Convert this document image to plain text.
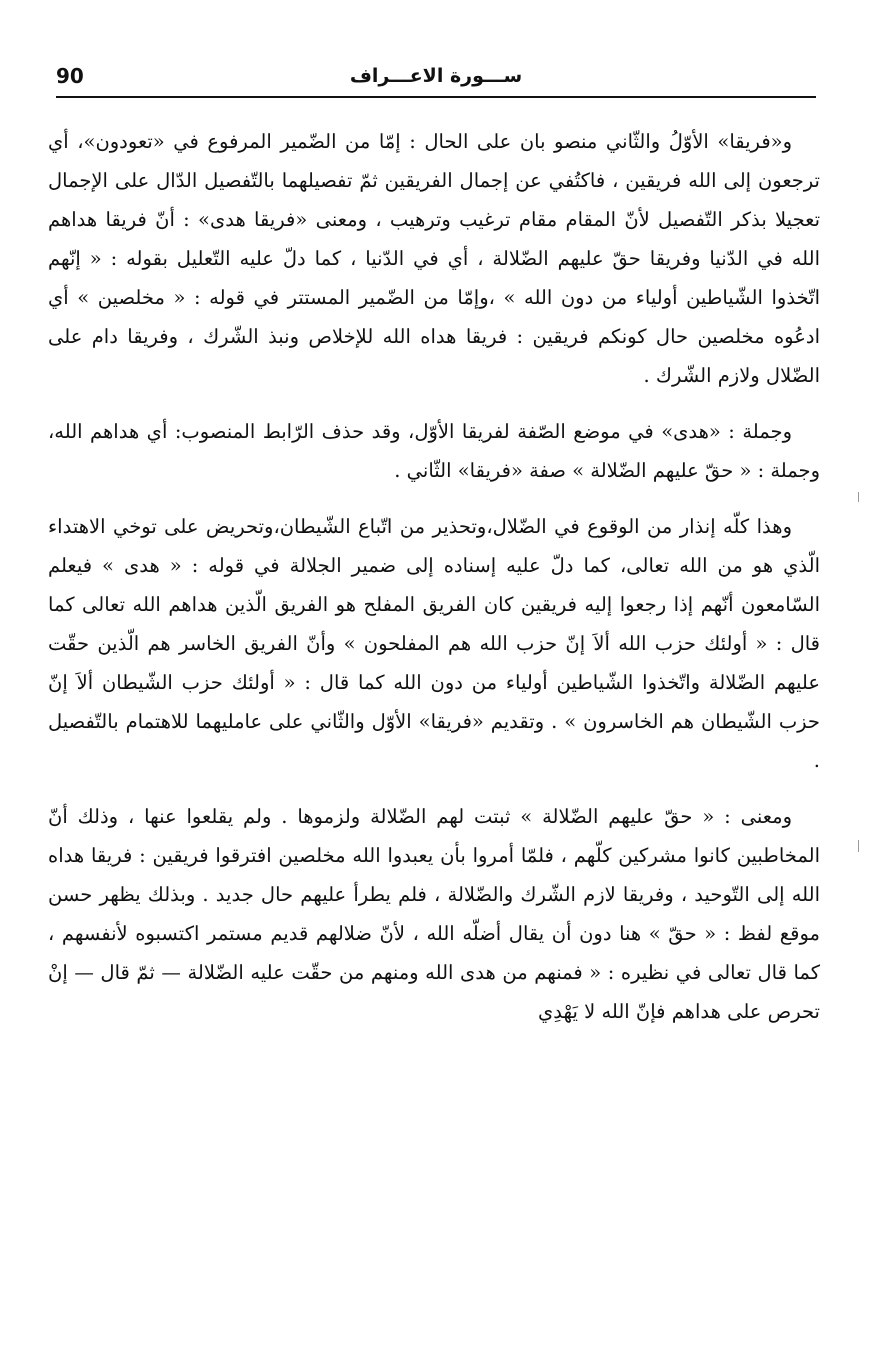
90	ســـورة الاعـــراف

و«فريقا» الأوّلُ والثّاني منصو بان على الحال : إمّا من الضّمير المرفوع في «تعودون»، أي ترجعون إلى الله فريقين ، فاكتُفي عن إجمال الفريقين ثمّ تفصيلهما بالتّفصيل الدّال على الإجمال تعجيلا بذكر التّفصيل لأنّ المقام مقام ترغيب وترهيب ، ومعنى «فريقا هدى» : أنّ فريقا هداهم الله في الدّنيا وفريقا حقّ عليهم الضّلالة ، أي في الدّنيا ، كما دلّ عليه التّعليل بقوله : « إنّهم اتّخذوا الشّياطين أولياء من دون الله » ،وإمّا من الضّمير المستتر في قوله : « مخلصين » أي ادعُوه مخلصين حال كونكم فريقين : فريقا هداه الله للإخلاص ونبذ الشّرك ، وفريقا دام على الضّلال ولازم الشّرك .

وجملة : «هدى» في موضع الصّفة لفريقا الأوّل، وقد حذف الرّابط المنصوب: أي هداهم الله، وجملة : « حقّ عليهم الضّلالة » صفة «فريقا» الثّاني .

وهذا كلّه إنذار من الوقوع في الضّلال،وتحذير من اتّباع الشّيطان،وتحريض على توخي الاهتداء الّذي هو من الله تعالى، كما دلّ عليه إسناده إلى ضمير الجلالة في قوله : « هدى » فيعلم السّامعون أنّهم إذا رجعوا إليه فريقين كان الفريق المفلح هو الفريق الّذين هداهم الله تعالى كما قال : « أولئك حزب الله ألاَ إنّ حزب الله هم المفلحون » وأنّ الفريق الخاسر هم الّذين حقّت عليهم الضّلالة واتّخذوا الشّياطين أولياء من دون الله كما قال : « أولئك حزب الشّيطان ألاَ إنّ حزب الشّيطان هم الخاسرون » . وتقديم «فريقا» الأوّل والثّاني على عامليهما للاهتمام بالتّفصيل .

ومعنى : « حقّ عليهم الضّلالة » ثبتت لهم الضّلالة ولزموها . ولم يقلعوا عنها ، وذلك أنّ المخاطبين كانوا مشركين كلّهم ، فلمّا أمروا بأن يعبدوا الله مخلصين افترقوا فريقين : فريقا هداه الله إلى التّوحيد ، وفريقا لازم الشّرك والضّلالة ، فلم يطرأ عليهم حال جديد . وبذلك يظهر حسن موقع لفظ : « حقّ » هنا دون أن يقال أضلّه الله ، لأنّ ضلالهم قديم مستمر اكتسبوه لأنفسهم ، كما قال تعالى في نظيره : « فمنهم من هدى الله ومنهم من حقّت عليه الضّلالة — ثمّ قال — إنْ تحرص على هداهم فإنّ الله لا يَهْدِي
